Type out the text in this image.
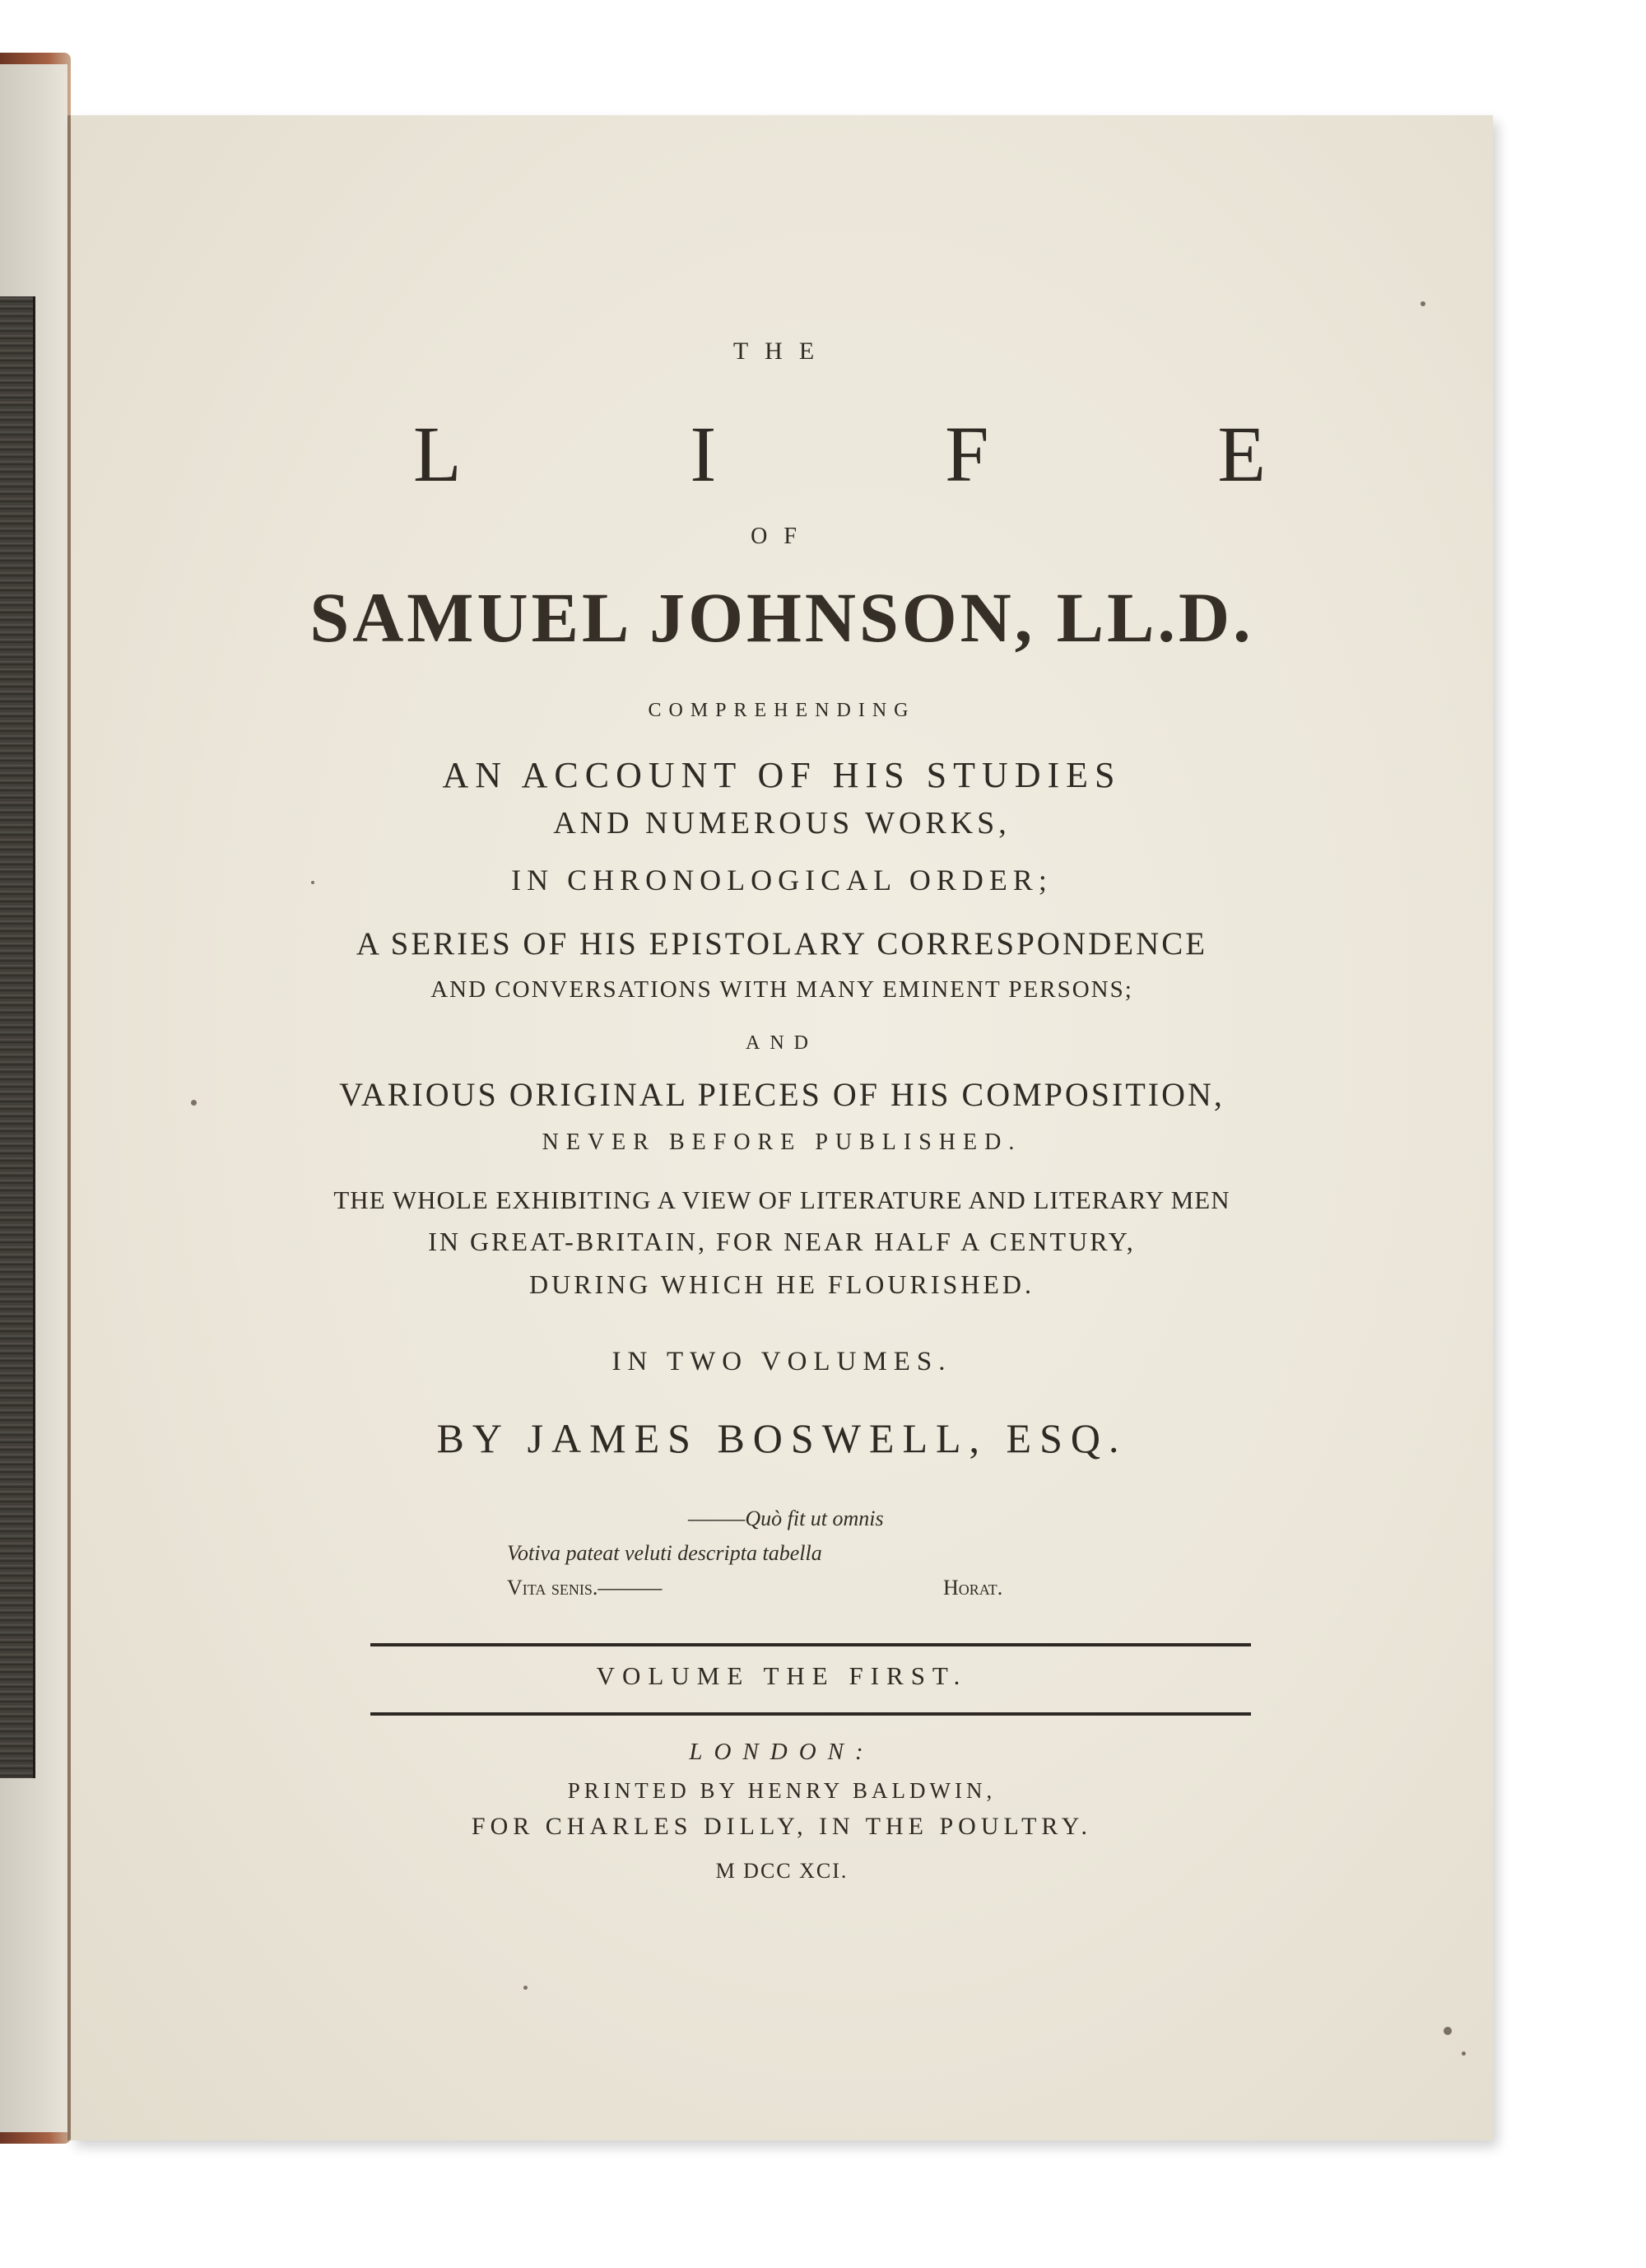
THE
L	I	F	E
OF
SAMUEL JOHNSON, LL.D.
COMPREHENDING
AN ACCOUNT OF HIS STUDIES
AND NUMEROUS WORKS,
IN CHRONOLOGICAL ORDER;
A SERIES OF HIS EPISTOLARY CORRESPONDENCE
AND CONVERSATIONS WITH MANY EMINENT PERSONS;
AND
VARIOUS ORIGINAL PIECES OF HIS COMPOSITION,
NEVER BEFORE PUBLISHED.
THE WHOLE EXHIBITING A VIEW OF LITERATURE AND LITERARY MEN
IN GREAT-BRITAIN, FOR NEAR HALF A CENTURY,
DURING WHICH HE FLOURISHED.
IN TWO VOLUMES.
BY JAMES BOSWELL, ESQ.
———Quò fit ut omnis
Votiva pateat veluti descripta tabella
Vita senis.———	Horat.
VOLUME THE FIRST.
LONDON:
PRINTED BY HENRY BALDWIN,
FOR CHARLES DILLY, IN THE POULTRY.
M DCC XCI.
